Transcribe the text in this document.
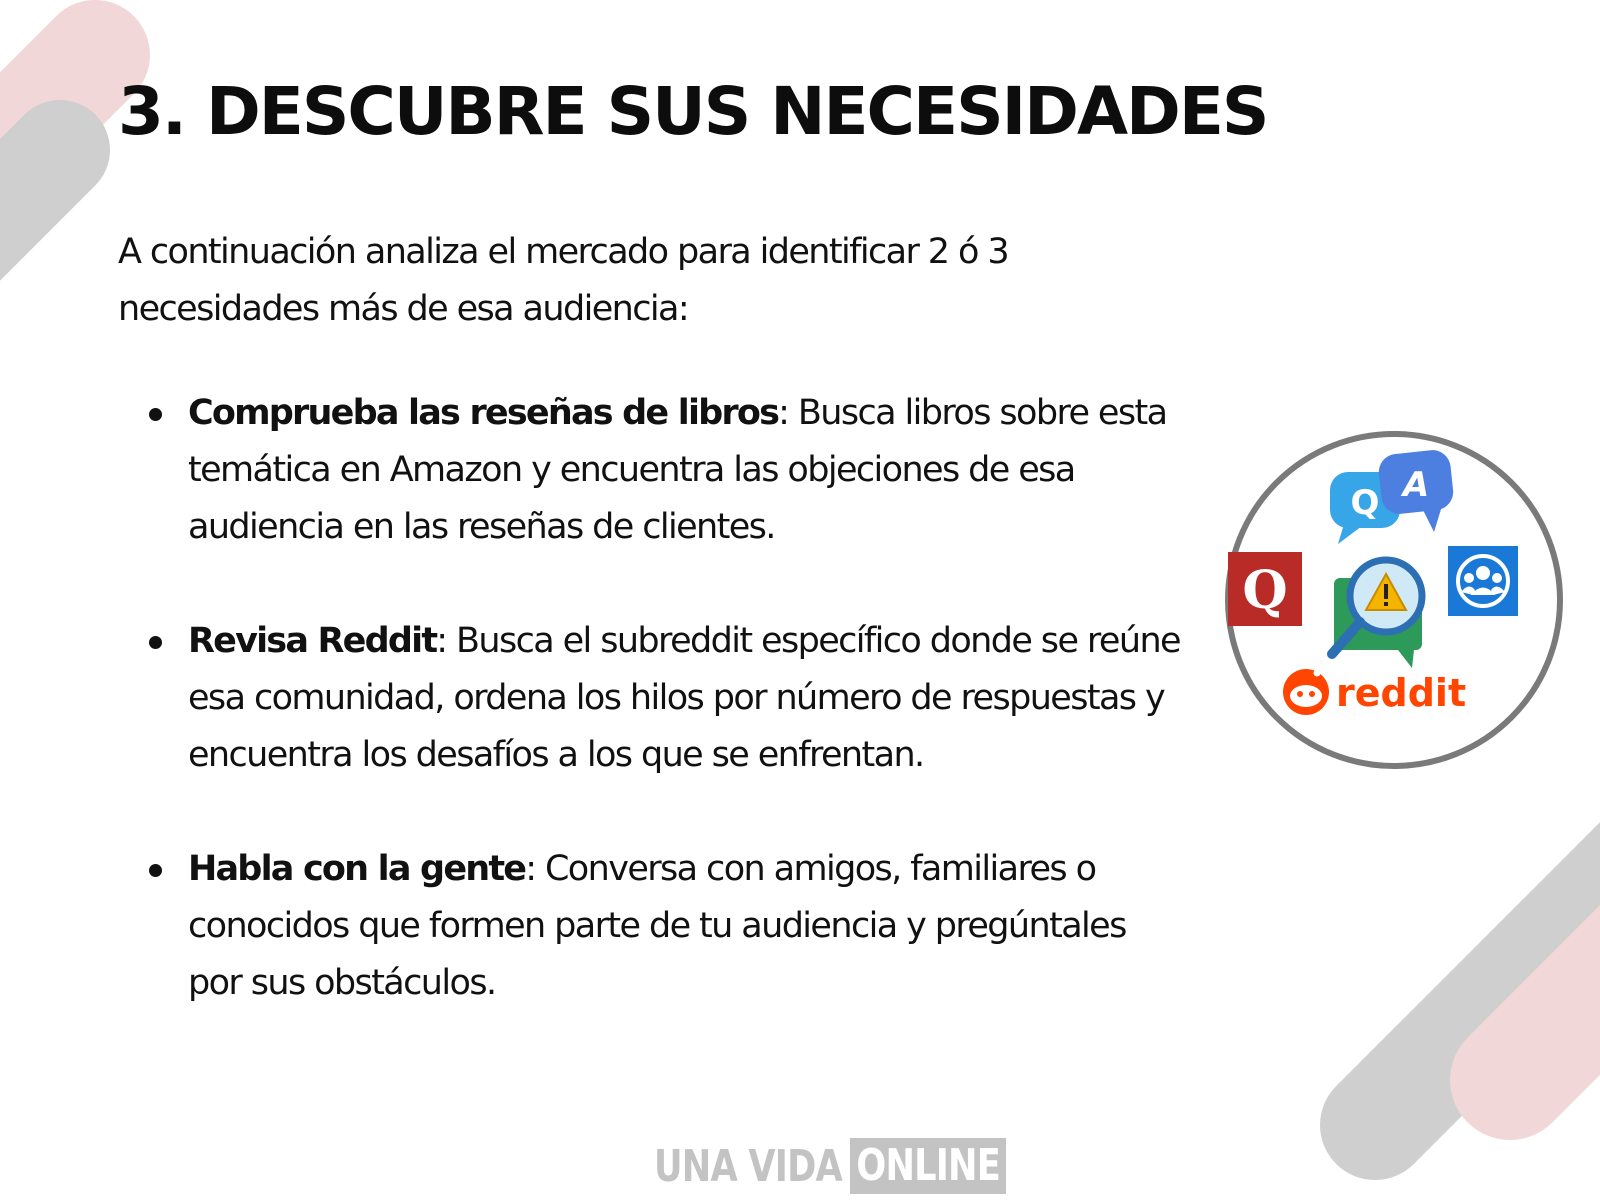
3. DESCUBRE SUS NECESIDADES

A continuación analiza el mercado para identificar 2 ó 3 necesidades más de esa audiencia:

Comprueba las reseñas de libros: Busca libros sobre esta temática en Amazon y encuentra las objeciones de esa audiencia en las reseñas de clientes.
Revisa Reddit: Busca el subreddit específico donde se reúne esa comunidad, ordena los hilos por número de respuestas y encuentra los desafíos a los que se enfrentan.
Habla con la gente: Conversa con amigos, familiares o conocidos que formen parte de tu audiencia y pregúntales por sus obstáculos.
Q A
Q
reddit
UNA VIDA ONLINE
